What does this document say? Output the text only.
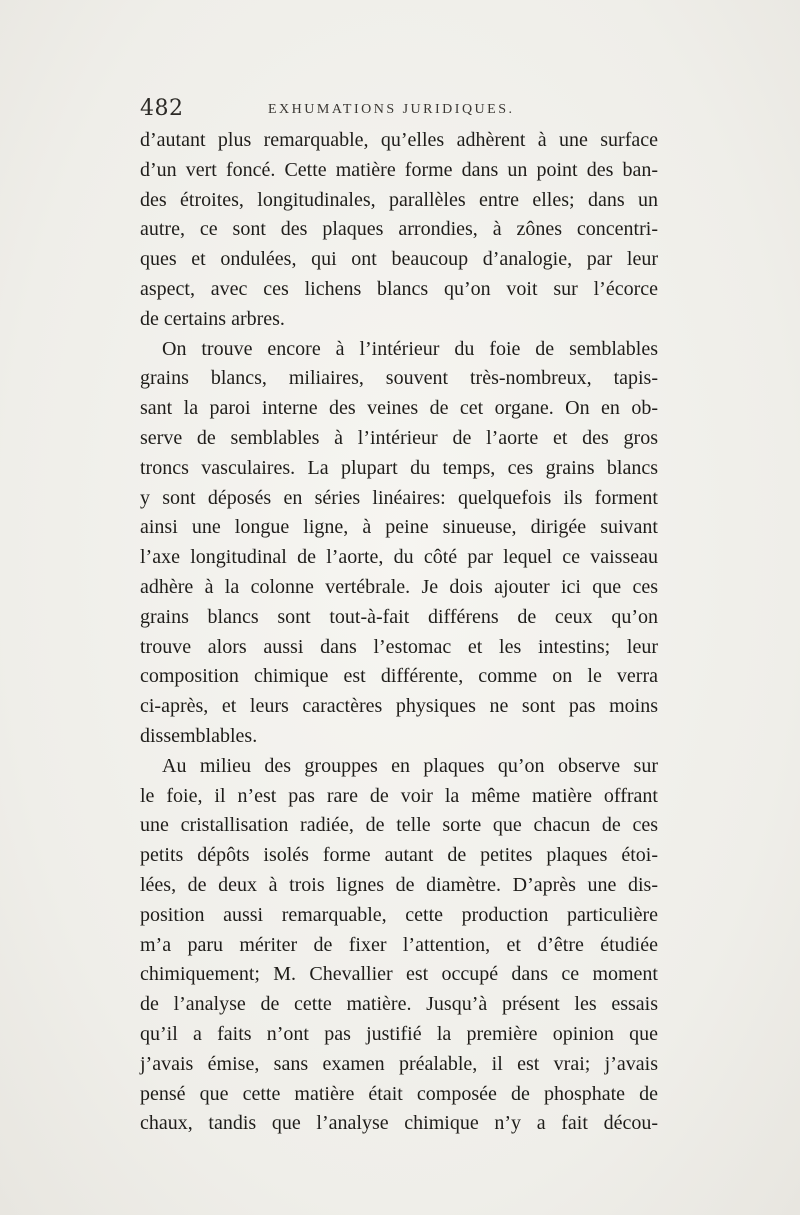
482	EXHUMATIONS JURIDIQUES.
d’autant plus remarquable, qu’elles adhèrent à une surface
d’un vert foncé. Cette matière forme dans un point des ban-
des étroites, longitudinales, parallèles entre elles; dans un
autre, ce sont des plaques arrondies, à zônes concentri-
ques et ondulées, qui ont beaucoup d’analogie, par leur
aspect, avec ces lichens blancs qu’on voit sur l’écorce
de certains arbres.
On trouve encore à l’intérieur du foie de semblables
grains blancs, miliaires, souvent très-nombreux, tapis-
sant la paroi interne des veines de cet organe. On en ob-
serve de semblables à l’intérieur de l’aorte et des gros
troncs vasculaires. La plupart du temps, ces grains blancs
y sont déposés en séries linéaires: quelquefois ils forment
ainsi une longue ligne, à peine sinueuse, dirigée suivant
l’axe longitudinal de l’aorte, du côté par lequel ce vaisseau
adhère à la colonne vertébrale. Je dois ajouter ici que ces
grains blancs sont tout-à-fait différens de ceux qu’on
trouve alors aussi dans l’estomac et les intestins; leur
composition chimique est différente, comme on le verra
ci-après, et leurs caractères physiques ne sont pas moins
dissemblables.
Au milieu des grouppes en plaques qu’on observe sur
le foie, il n’est pas rare de voir la même matière offrant
une cristallisation radiée, de telle sorte que chacun de ces
petits dépôts isolés forme autant de petites plaques étoi-
lées, de deux à trois lignes de diamètre. D’après une dis-
position aussi remarquable, cette production particulière
m’a paru mériter de fixer l’attention, et d’être étudiée
chimiquement; M. Chevallier est occupé dans ce moment
de l’analyse de cette matière. Jusqu’à présent les essais
qu’il a faits n’ont pas justifié la première opinion que
j’avais émise, sans examen préalable, il est vrai; j’avais
pensé que cette matière était composée de phosphate de
chaux, tandis que l’analyse chimique n’y a fait décou-
